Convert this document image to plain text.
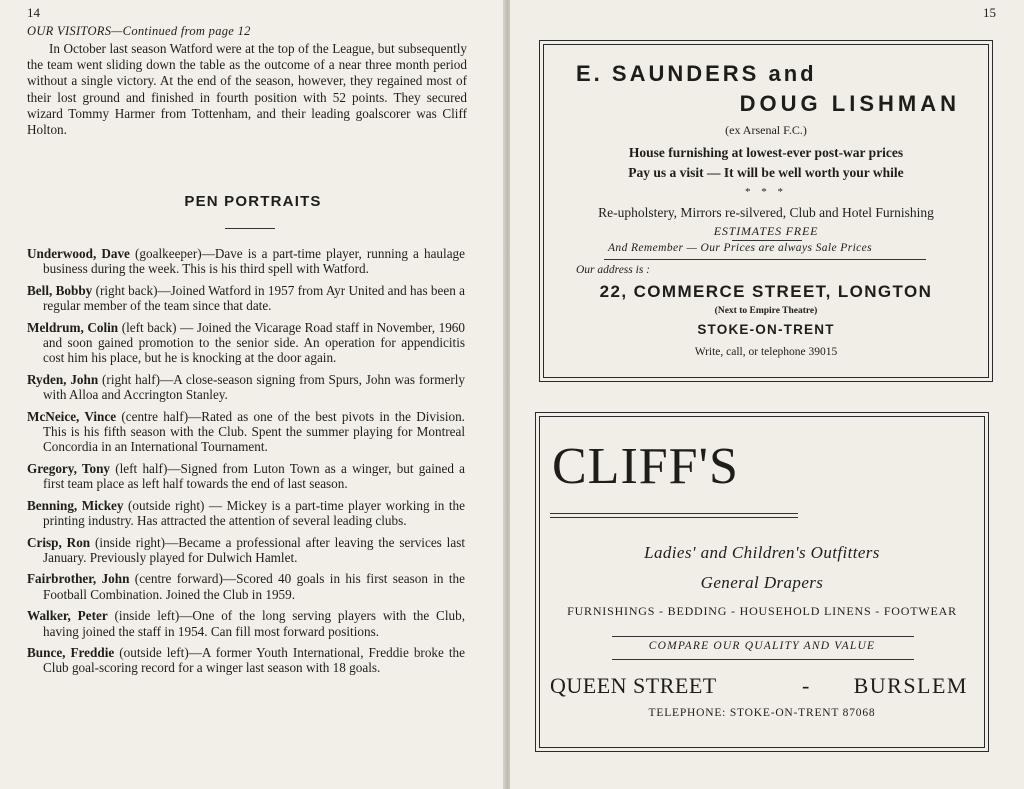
14
OUR VISITORS—Continued from page 12

In October last season Watford were at the top of the League, but subsequently the team went sliding down the table as the outcome of a near three month period without a single victory. At the end of the season, however, they regained most of their lost ground and finished in fourth position with 52 points. They secured wizard Tommy Harmer from Tottenham, and their leading goalscorer was Cliff Holton.

PEN PORTRAITS
Underwood, Dave (goalkeeper)—Dave is a part-time player, running a haulage business during the week. This is his third spell with Watford.
Bell, Bobby (right back)—Joined Watford in 1957 from Ayr United and has been a regular member of the team since that date.
Meldrum, Colin (left back) — Joined the Vicarage Road staff in November, 1960 and soon gained promotion to the senior side. An operation for appendicitis cost him his place, but he is knocking at the door again.
Ryden, John (right half)—A close-season signing from Spurs, John was formerly with Alloa and Accrington Stanley.
McNeice, Vince (centre half)—Rated as one of the best pivots in the Division. This is his fifth season with the Club. Spent the summer playing for Montreal Concordia in an International Tournament.
Gregory, Tony (left half)—Signed from Luton Town as a winger, but gained a first team place as left half towards the end of last season.
Benning, Mickey (outside right) — Mickey is a part-time player working in the printing industry. Has attracted the attention of several leading clubs.
Crisp, Ron (inside right)—Became a professional after leaving the services last January. Previously played for Dulwich Hamlet.
Fairbrother, John (centre forward)—Scored 40 goals in his first season in the Football Combination. Joined the Club in 1959.
Walker, Peter (inside left)—One of the long serving players with the Club, having joined the staff in 1954. Can fill most forward positions.
Bunce, Freddie (outside left)—A former Youth International, Freddie broke the Club goal-scoring record for a winger last season with 18 goals.
15
E. SAUNDERS and
DOUG LISHMAN
(ex Arsenal F.C.)
House furnishing at lowest-ever post-war prices
Pay us a visit — It will be well worth your while
* * *
Re-upholstery, Mirrors re-silvered, Club and Hotel Furnishing
ESTIMATES FREE
And Remember — Our Prices are always Sale Prices
Our address is :
22, COMMERCE STREET, LONGTON
(Next to Empire Theatre)
STOKE-ON-TRENT
Write, call, or telephone 39015
CLIFF'S
Ladies' and Children's Outfitters
General Drapers
FURNISHINGS - BEDDING - HOUSEHOLD LINENS - FOOTWEAR
COMPARE OUR QUALITY AND VALUE
QUEEN STREET	- BURSLEM
TELEPHONE: STOKE-ON-TRENT 87068
